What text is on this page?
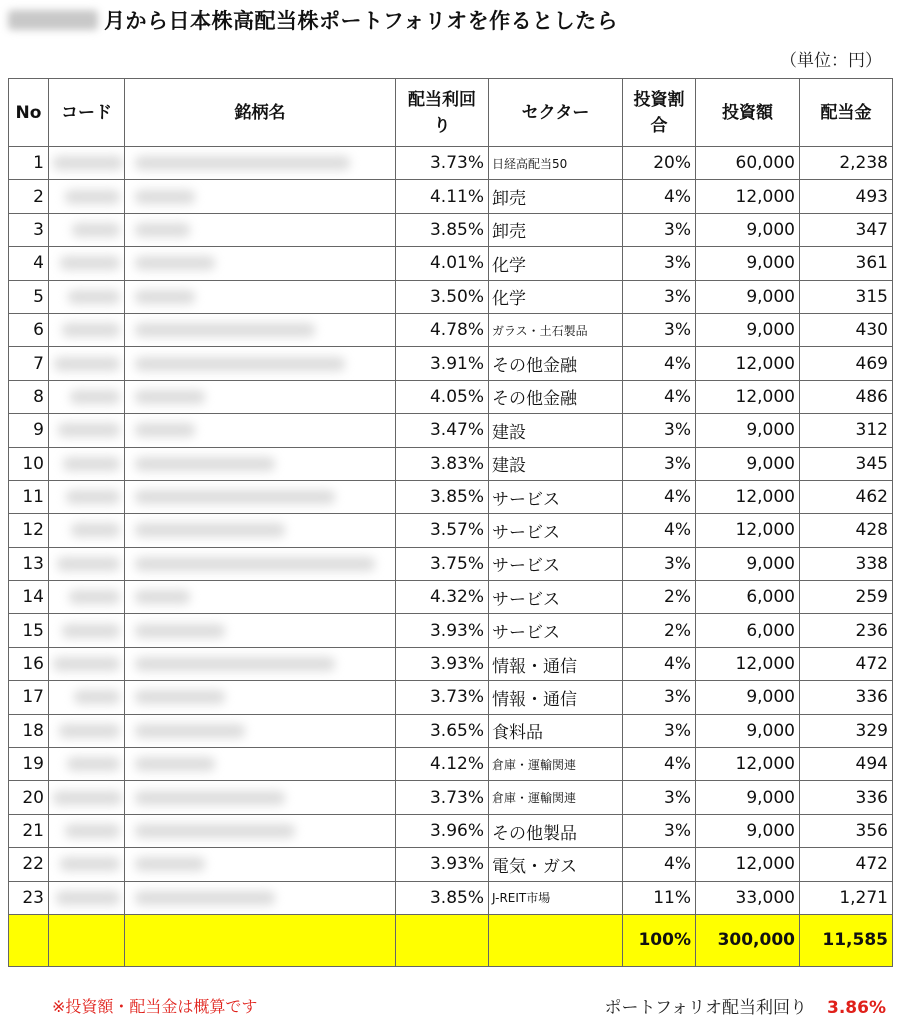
月から日本株高配当株ポートフォリオを作るとしたら
（単位：円）
No	コード	銘柄名	配当利回り	セクター	投資割合	投資額	配当金
1			3.73%	日経高配当50	20%	60,000	2,238
2			4.11%	卸売	4%	12,000	493
3			3.85%	卸売	3%	9,000	347
4			4.01%	化学	3%	9,000	361
5			3.50%	化学	3%	9,000	315
6			4.78%	ガラス・土石製品	3%	9,000	430
7			3.91%	その他金融	4%	12,000	469
8			4.05%	その他金融	4%	12,000	486
9			3.47%	建設	3%	9,000	312
10			3.83%	建設	3%	9,000	345
11			3.85%	サービス	4%	12,000	462
12			3.57%	サービス	4%	12,000	428
13			3.75%	サービス	3%	9,000	338
14			4.32%	サービス	2%	6,000	259
15			3.93%	サービス	2%	6,000	236
16			3.93%	情報・通信	4%	12,000	472
17			3.73%	情報・通信	3%	9,000	336
18			3.65%	食料品	3%	9,000	329
19			4.12%	倉庫・運輸関連	4%	12,000	494
20			3.73%	倉庫・運輸関連	3%	9,000	336
21			3.96%	その他製品	3%	9,000	356
22			3.93%	電気・ガス	4%	12,000	472
23			3.85%	J-REIT市場	11%	33,000	1,271
					100%	300,000	11,585
※投資額・配当金は概算です	ポートフォリオ配当利回り 3.86%
